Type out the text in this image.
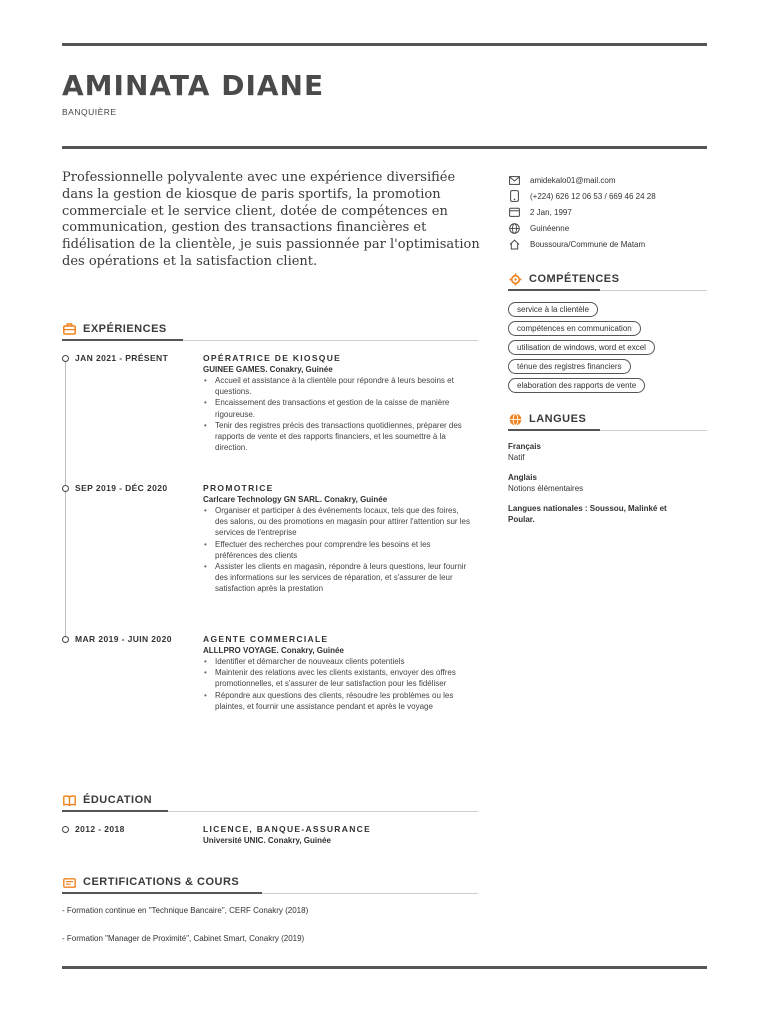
AMINATA DIANE
BANQUIÈRE

Professionnelle polyvalente avec une expérience diversifiée dans la gestion de kiosque de paris sportifs, la promotion commerciale et le service client, dotée de compétences en communication, gestion des transactions financières et fidélisation de la clientèle, je suis passionnée par l'optimisation des opérations et la satisfaction client.

amidekalo01@mail.com
(+224) 626 12 06 53 / 669 46 24 28
2 Jan, 1997
Guinéenne
Boussoura/Commune de Matam
COMPÉTENCES
service à la clientèle
compétences en communication
utilisation de windows, word et excel
ténue des registres financiers
elaboration des rapports de vente
LANGUES
Français
Natif
Anglais
Notions élémentaires
Langues nationales : Soussou, Malinké et Poular.
EXPÉRIENCES
JAN 2021 - PRÉSENT	OPÉRATRICE DE KIOSQUE
GUINEE GAMES. Conakry, Guinée
• Accueil et assistance à la clientèle pour répondre à leurs besoins et questions.
• Encaissement des transactions et gestion de la caisse de manière rigoureuse.
• Tenir des registres précis des transactions quotidiennes, préparer des rapports de vente et des rapports financiers, et les soumettre à la direction.
SEP 2019 - DÉC 2020	PROMOTRICE
Carlcare Technology GN SARL. Conakry, Guinée
• Organiser et participer à des événements locaux, tels que des foires, des salons, ou des promotions en magasin pour attirer l'attention sur les services de l'entreprise
• Effectuer des recherches pour comprendre les besoins et les préférences des clients
• Assister les clients en magasin, répondre à leurs questions, leur fournir des informations sur les services de réparation, et s'assurer de leur satisfaction après la prestation
MAR 2019 - JUIN 2020	AGENTE COMMERCIALE
ALLLPRO VOYAGE. Conakry, Guinée
• Identifier et démarcher de nouveaux clients potentiels
• Maintenir des relations avec les clients existants, envoyer des offres promotionnelles, et s'assurer de leur satisfaction pour les fidéliser
• Répondre aux questions des clients, résoudre les problèmes ou les plaintes, et fournir une assistance pendant et après le voyage
ÉDUCATION
2012 - 2018	LICENCE, BANQUE-ASSURANCE
Université UNIC. Conakry, Guinée
CERTIFICATIONS & COURS
- Formation continue en "Technique Bancaire", CERF Conakry (2018)
- Formation "Manager de Proximité", Cabinet Smart, Conakry (2019)
